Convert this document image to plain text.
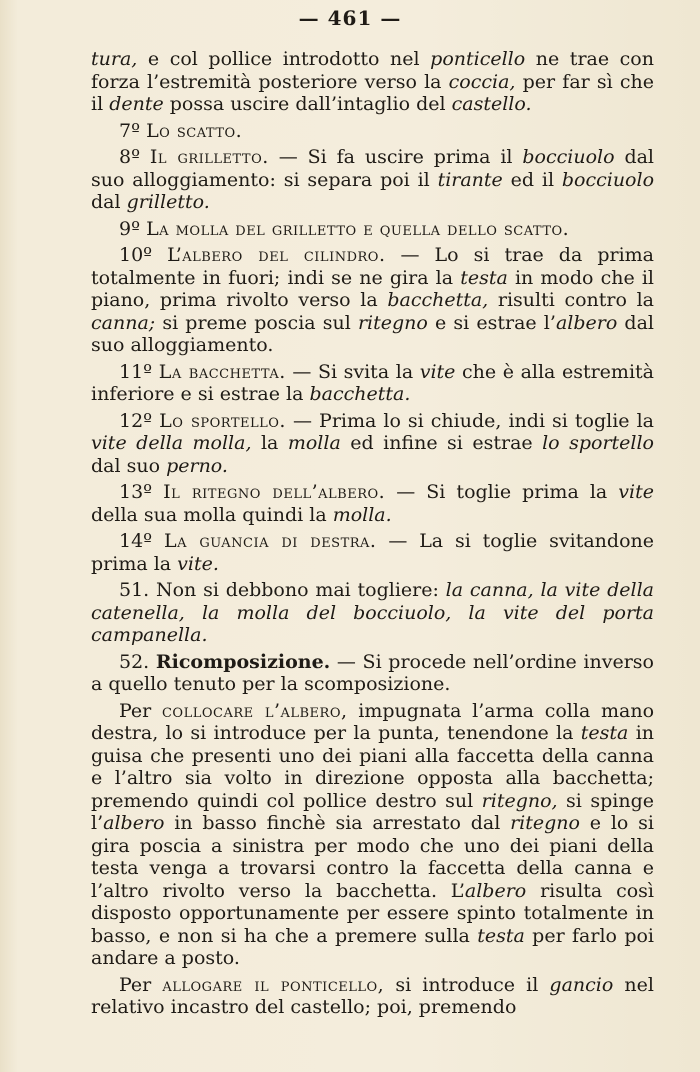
— 461 —

tura, e col pollice introdotto nel ponticello ne trae con forza l’estremità posteriore verso la coccia, per far sì che il dente possa uscire dall’intaglio del castello.

7º Lo scatto.

8º Il grilletto. — Si fa uscire prima il bocciuolo dal suo alloggiamento: si separa poi il tirante ed il bocciuolo dal grilletto.

9º La molla del grilletto e quella dello scatto.

10º L’albero del cilindro. — Lo si trae da prima totalmente in fuori; indi se ne gira la testa in modo che il piano, prima rivolto verso la bacchetta, risulti contro la canna; si preme poscia sul ritegno e si estrae l’albero dal suo alloggiamento.

11º La bacchetta. — Si svita la vite che è alla estremità inferiore e si estrae la bacchetta.

12º Lo sportello. — Prima lo si chiude, indi si toglie la vite della molla, la molla ed infine si estrae lo sportello dal suo perno.

13º Il ritegno dell’albero. — Si toglie prima la vite della sua molla quindi la molla.

14º La guancia di destra. — La si toglie svitandone prima la vite.

51. Non si debbono mai togliere: la canna, la vite della catenella, la molla del bocciuolo, la vite del porta campanella.

52. Ricomposizione. — Si procede nell’ordine inverso a quello tenuto per la scomposizione.

Per collocare l’albero, impugnata l’arma colla mano destra, lo si introduce per la punta, tenendone la testa in guisa che presenti uno dei piani alla faccetta della canna e l’altro sia volto in direzione opposta alla bacchetta; premendo quindi col pollice destro sul ritegno, si spinge l’albero in basso finchè sia arrestato dal ritegno e lo si gira poscia a sinistra per modo che uno dei piani della testa venga a trovarsi contro la faccetta della canna e l’altro rivolto verso la bacchetta. L’albero risulta così disposto opportunamente per essere spinto totalmente in basso, e non si ha che a premere sulla testa per farlo poi andare a posto.

Per allogare il ponticello, si introduce il gancio nel relativo incastro del castello; poi, premendo
